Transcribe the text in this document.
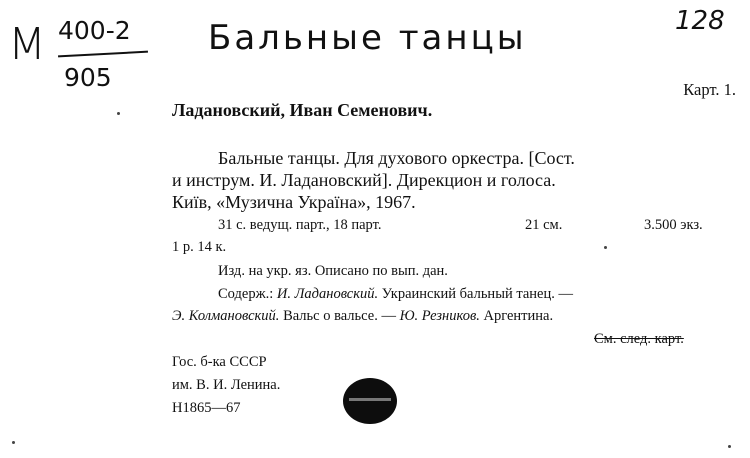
M 400-2
905
Бальные танцы	128
Карт. 1.
Ладановский, Иван Семенович.
Бальные танцы. Для духового оркестра. [Сост.
и инструм. И. Ладановский]. Дирекцион и голоса.
Київ, «Музична Україна», 1967.
31 с. ведущ. парт., 18 парт.	21 см.	3.500 экз.
1 р. 14 к.
Изд. на укр. яз. Описано по вып. дан.
Содерж.: И. Ладановский. Украинский бальный танец. —
Э. Колмановский. Вальс о вальсе. — Ю. Резников. Аргентина.
См. след. карт.
Гос. б-ка СССР
им. В. И. Ленина.
Н1865—67
